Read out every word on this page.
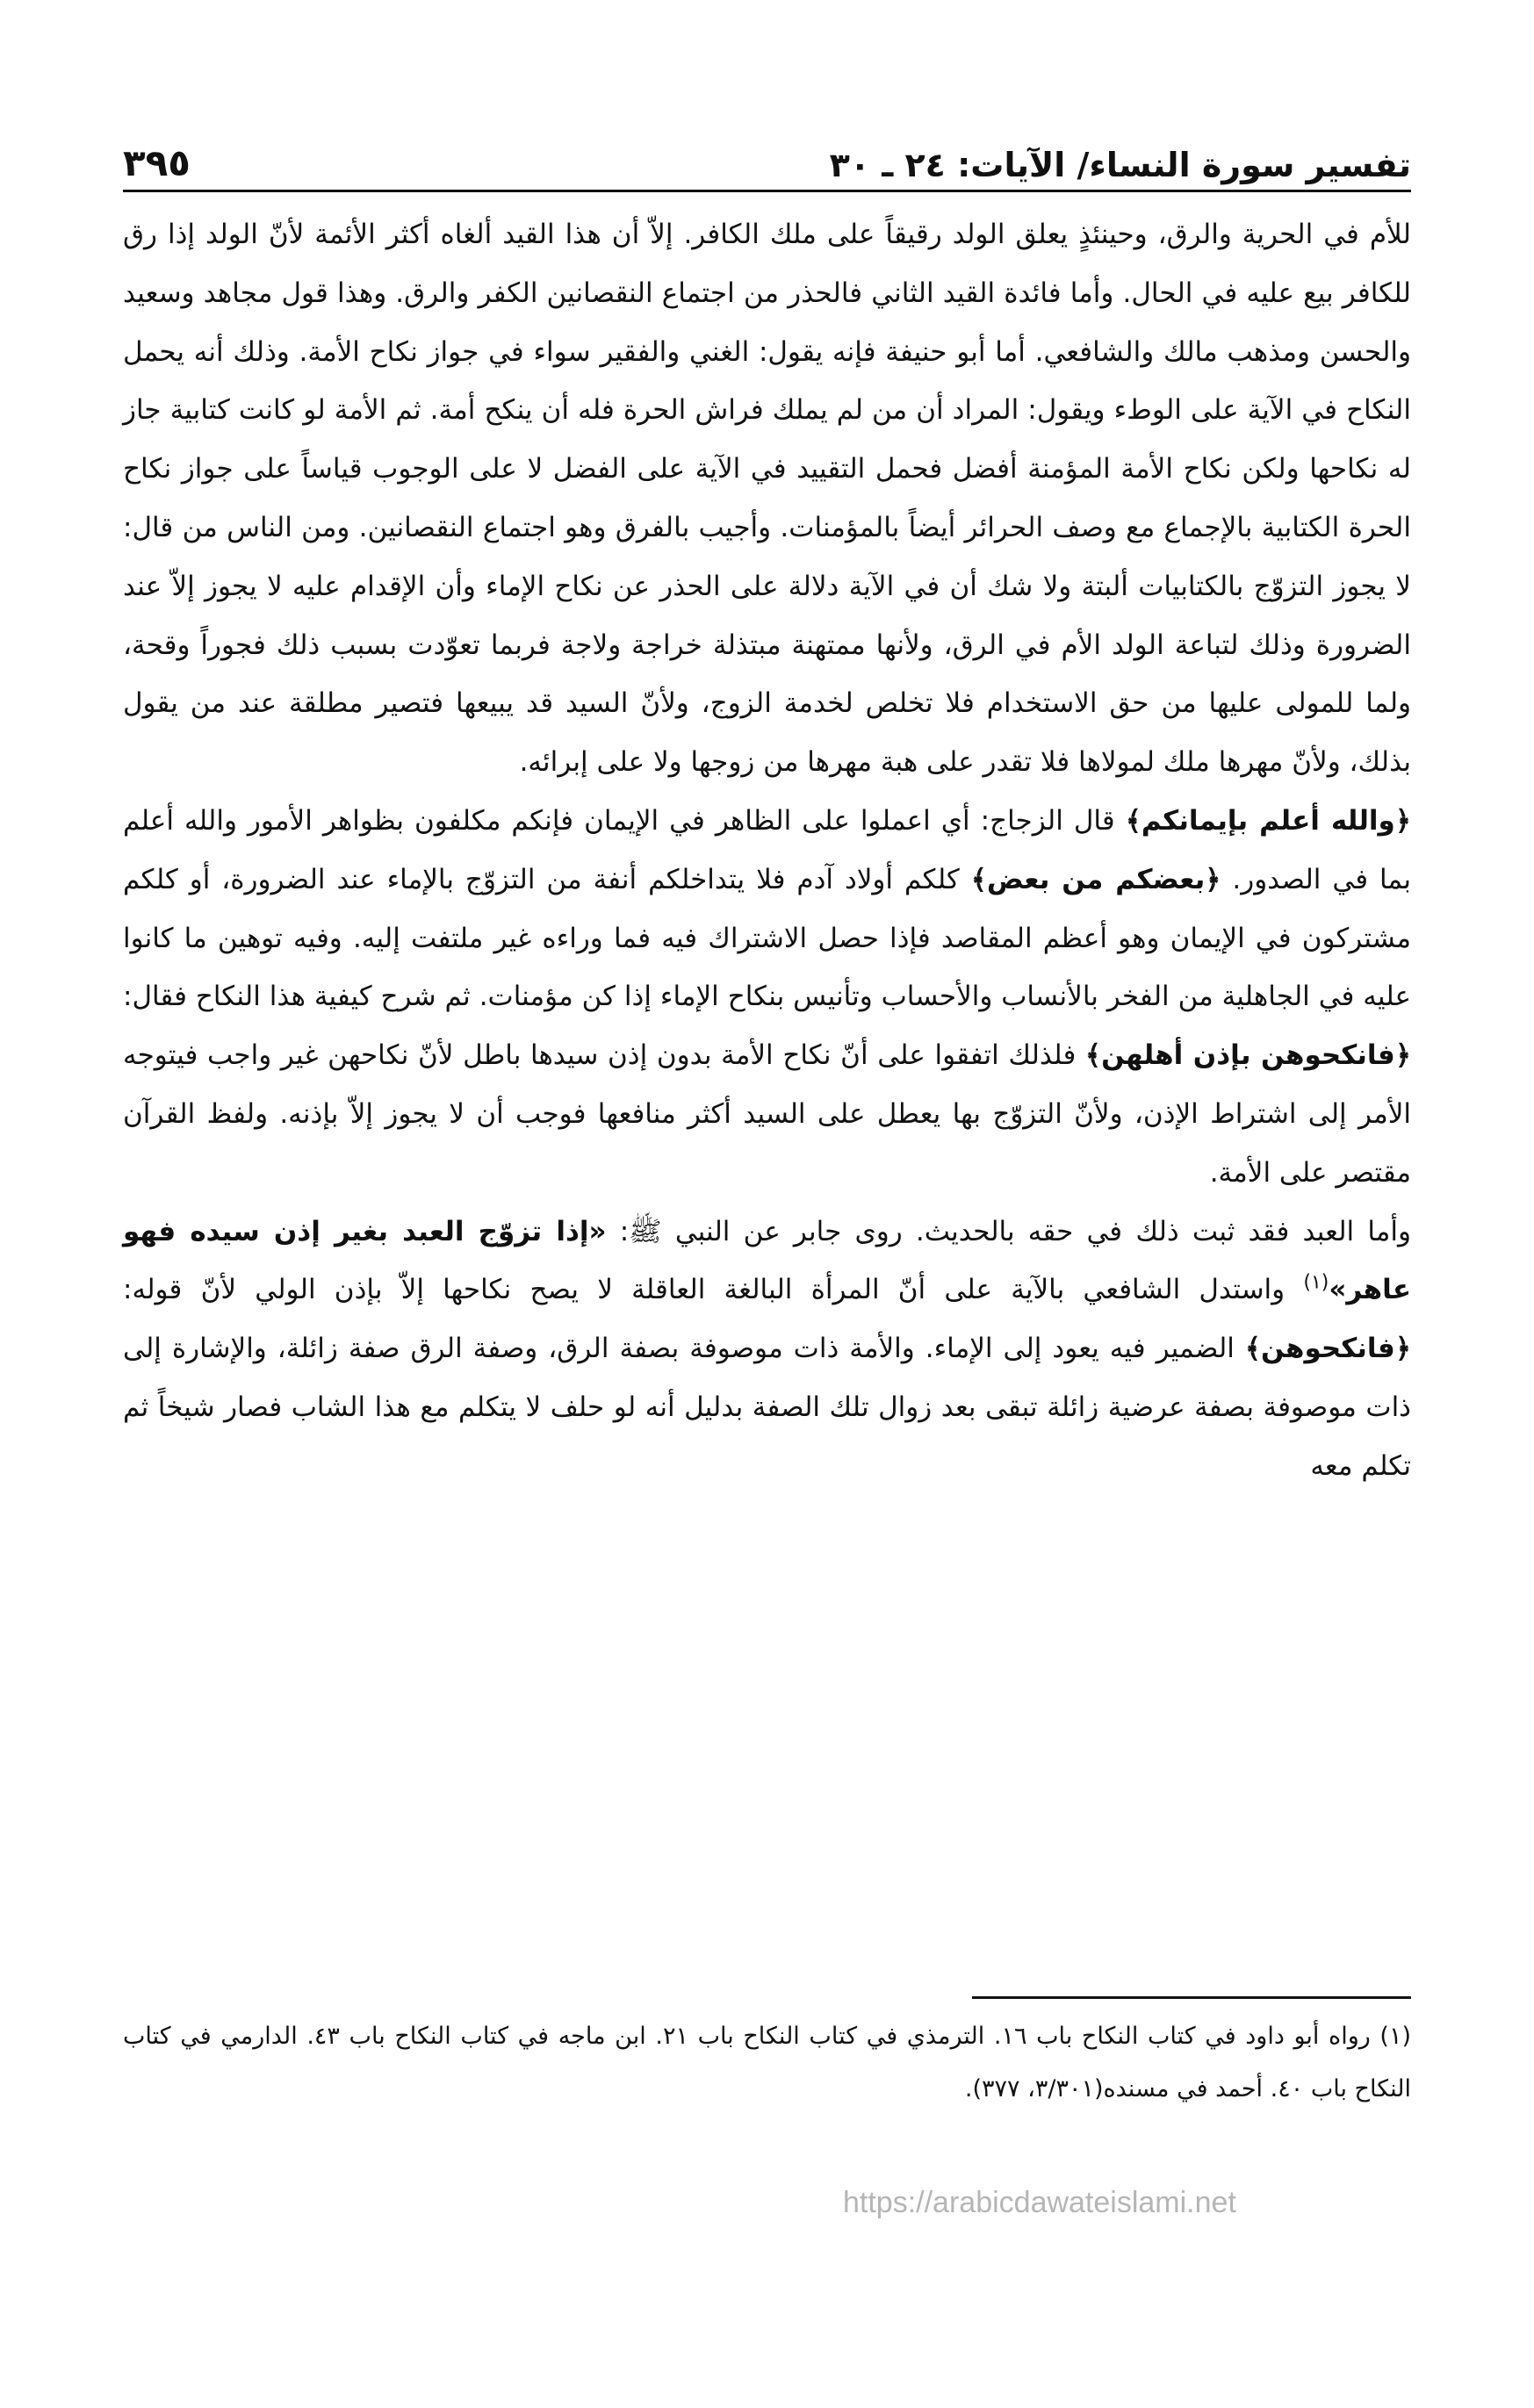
تفسير سورة النساء/ الآيات: ٢٤ ـ ٣٠
٣٩٥

للأم في الحرية والرق، وحينئذٍ يعلق الولد رقيقاً على ملك الكافر. إلاّ أن هذا القيد ألغاه أكثر الأئمة لأنّ الولد إذا رق للكافر بيع عليه في الحال. وأما فائدة القيد الثاني فالحذر من اجتماع النقصانين الكفر والرق. وهذا قول مجاهد وسعيد والحسن ومذهب مالك والشافعي. أما أبو حنيفة فإنه يقول: الغني والفقير سواء في جواز نكاح الأمة. وذلك أنه يحمل النكاح في الآية على الوطء ويقول: المراد أن من لم يملك فراش الحرة فله أن ينكح أمة. ثم الأمة لو كانت كتابية جاز له نكاحها ولكن نكاح الأمة المؤمنة أفضل فحمل التقييد في الآية على الفضل لا على الوجوب قياساً على جواز نكاح الحرة الكتابية بالإجماع مع وصف الحرائر أيضاً بالمؤمنات. وأجيب بالفرق وهو اجتماع النقصانين. ومن الناس من قال: لا يجوز التزوّج بالكتابيات ألبتة ولا شك أن في الآية دلالة على الحذر عن نكاح الإماء وأن الإقدام عليه لا يجوز إلاّ عند الضرورة وذلك لتباعة الولد الأم في الرق، ولأنها ممتهنة مبتذلة خراجة ولاجة فربما تعوّدت بسبب ذلك فجوراً وقحة، ولما للمولى عليها من حق الاستخدام فلا تخلص لخدمة الزوج، ولأنّ السيد قد يبيعها فتصير مطلقة عند من يقول بذلك، ولأنّ مهرها ملك لمولاها فلا تقدر على هبة مهرها من زوجها ولا على إبرائه.

﴿والله أعلم بإيمانكم﴾ قال الزجاج: أي اعملوا على الظاهر في الإيمان فإنكم مكلفون بظواهر الأمور والله أعلم بما في الصدور. ﴿بعضكم من بعض﴾ كلكم أولاد آدم فلا يتداخلكم أنفة من التزوّج بالإماء عند الضرورة، أو كلكم مشتركون في الإيمان وهو أعظم المقاصد فإذا حصل الاشتراك فيه فما وراءه غير ملتفت إليه. وفيه توهين ما كانوا عليه في الجاهلية من الفخر بالأنساب والأحساب وتأنيس بنكاح الإماء إذا كن مؤمنات. ثم شرح كيفية هذا النكاح فقال: ﴿فانكحوهن بإذن أهلهن﴾ فلذلك اتفقوا على أنّ نكاح الأمة بدون إذن سيدها باطل لأنّ نكاحهن غير واجب فيتوجه الأمر إلى اشتراط الإذن، ولأنّ التزوّج بها يعطل على السيد أكثر منافعها فوجب أن لا يجوز إلاّ بإذنه. ولفظ القرآن مقتصر على الأمة.

وأما العبد فقد ثبت ذلك في حقه بالحديث. روى جابر عن النبي ﷺ: «إذا تزوّج العبد بغير إذن سيده فهو عاهر»$^{(١)}$ واستدل الشافعي بالآية على أنّ المرأة البالغة العاقلة لا يصح نكاحها إلاّ بإذن الولي لأنّ قوله: ﴿فانكحوهن﴾ الضمير فيه يعود إلى الإماء. والأمة ذات موصوفة بصفة الرق، وصفة الرق صفة زائلة، والإشارة إلى ذات موصوفة بصفة عرضية زائلة تبقى بعد زوال تلك الصفة بدليل أنه لو حلف لا يتكلم مع هذا الشاب فصار شيخاً ثم تكلم معه

(١) رواه أبو داود في كتاب النكاح باب ١٦. الترمذي في كتاب النكاح باب ٢١. ابن ماجه في كتاب النكاح باب ٤٣. الدارمي في كتاب النكاح باب ٤٠. أحمد في مسنده(٣/٣٠١، ٣٧٧).

https://arabicdawateislami.net
